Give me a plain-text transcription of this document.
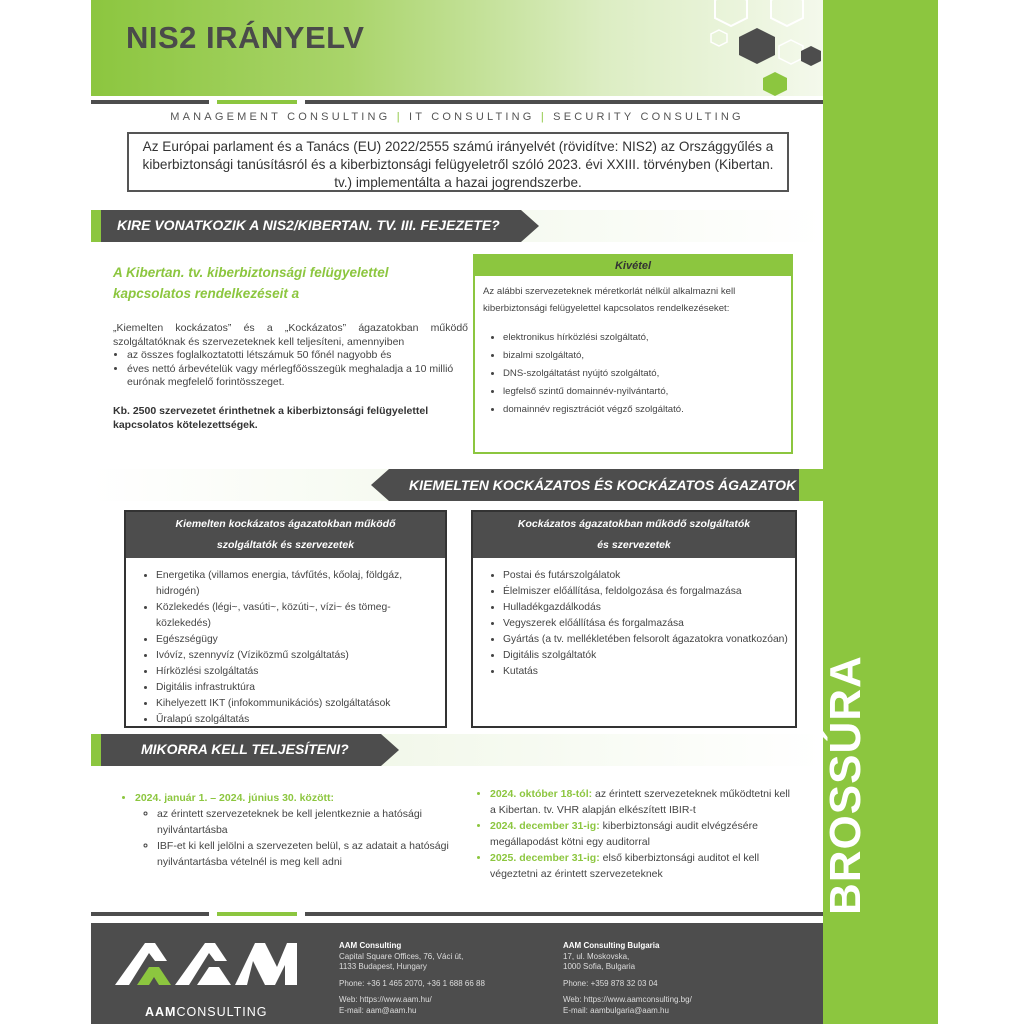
NIS2 IRÁNYELV
MANAGEMENT CONSULTING | IT CONSULTING | SECURITY CONSULTING
Az Európai parlament és a Tanács (EU) 2022/2555 számú irányelvét (rövidítve: NIS2) az Országgyűlés a kiberbiztonsági tanúsításról és a kiberbiztonsági felügyeletről szóló 2023. évi XXIII. törvényben (Kibertan. tv.) implementálta a hazai jogrendszerbe.
KIRE VONATKOZIK A NIS2/KIBERTAN. TV. III. FEJEZETE?
A Kibertan. tv. kiberbiztonsági felügyelettel kapcsolatos rendelkezéseit a
„Kiemelten kockázatos” és a „Kockázatos” ágazatokban működő szolgáltatóknak és szervezeteknek kell teljesíteni, amennyiben
• az összes foglalkoztatotti létszámuk 50 főnél nagyobb és
• éves nettó árbevételük vagy mérlegfőösszegük meghaladja a 10 millió eurónak megfelelő forintösszeget.
Kb. 2500 szervezetet érinthetnek a kiberbiztonsági felügyelettel kapcsolatos kötelezettségek.
Kivétel
Az alábbi szervezeteknek méretkorlát nélkül alkalmazni kell kiberbiztonsági felügyelettel kapcsolatos rendelkezéseket:
• elektronikus hírközlési szolgáltató,
• bizalmi szolgáltató,
• DNS-szolgáltatást nyújtó szolgáltató,
• legfelső szintű domainnév-nyilvántartó,
• domainnév regisztrációt végző szolgáltató.
KIEMELTEN KOCKÁZATOS ÉS KOCKÁZATOS ÁGAZATOK
Kiemelten kockázatos ágazatokban működő
szolgáltatók és szervezetek
• Energetika (villamos energia, távfűtés, kőolaj, földgáz, hidrogén)
• Közlekedés (légi~, vasúti~, közúti~, vízi~ és tömeg-közlekedés)
• Egészségügy
• Ivóvíz, szennyvíz (Víziközmű szolgáltatás)
• Hírközlési szolgáltatás
• Digitális infrastruktúra
• Kihelyezett IKT (infokommunikációs) szolgáltatások
• Űralapú szolgáltatás
Kockázatos ágazatokban működő szolgáltatók
és szervezetek
• Postai és futárszolgálatok
• Élelmiszer előállítása, feldolgozása és forgalmazása
• Hulladékgazdálkodás
• Vegyszerek előállítása és forgalmazása
• Gyártás (a tv. mellékletében felsorolt ágazatokra vonatkozóan)
• Digitális szolgáltatók
• Kutatás
MIKORRA KELL TELJESÍTENI?
• 2024. január 1. – 2024. június 30. között:
◦ az érintett szervezeteknek be kell jelentkeznie a hatósági nyilvántartásba
◦ IBF-et ki kell jelölni a szervezeten belül, s az adatait a hatósági nyilvántartásba vételnél is meg kell adni
• 2024. október 18-tól: az érintett szervezeteknek működtetni kell a Kibertan. tv. VHR alapján elkészített IBIR-t
• 2024. december 31-ig: kiberbiztonsági audit elvégzésére megállapodást kötni egy auditorral
• 2025. december 31-ig: első kiberbiztonsági auditot el kell végeztetni az érintett szervezeteknek
AAMCONSULTING
AAM Consulting
Capital Square Offices, 76, Váci út,
1133 Budapest, Hungary

Phone: +36 1 465 2070, +36 1 688 66 88

Web: https://www.aam.hu/
E-mail: aam@aam.hu
AAM Consulting Bulgaria
17, ul. Moskovska,
1000 Sofia, Bulgaria

Phone: +359 878 32 03 04

Web: https://www.aamconsulting.bg/
E-mail: aambulgaria@aam.hu
